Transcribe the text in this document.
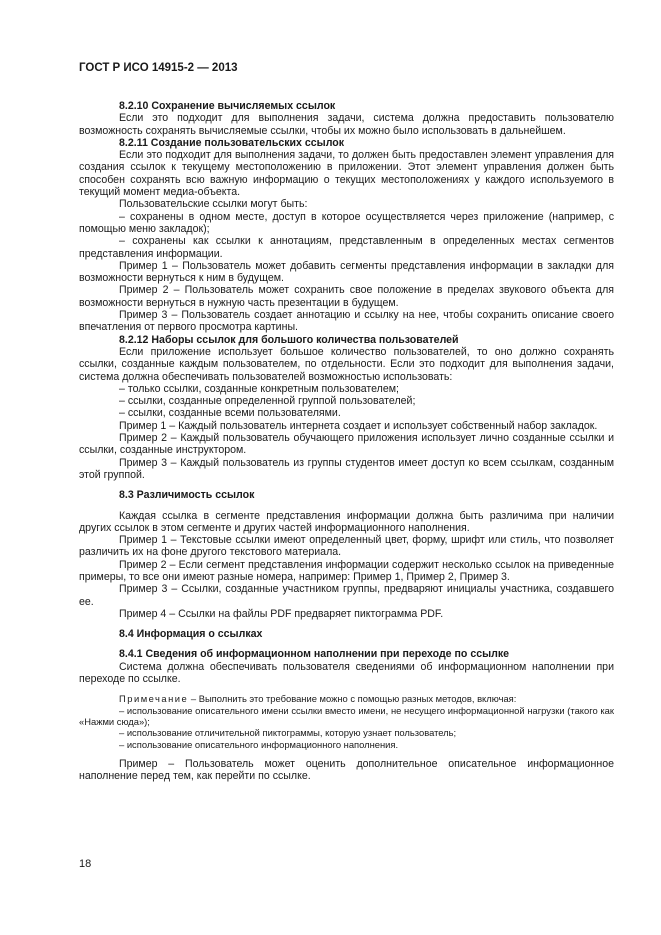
ГОСТ Р ИСО 14915-2 — 2013

8.2.10 Сохранение вычисляемых ссылок

Если это подходит для выполнения задачи, система должна предоставить пользователю возможность сохранять вычисляемые ссылки, чтобы их можно было использовать в дальнейшем.

8.2.11 Создание пользовательских ссылок

Если это подходит для выполнения задачи, то должен быть предоставлен элемент управления для создания ссылок к текущему местоположению в приложении. Этот элемент управления должен быть способен сохранять всю важную информацию о текущих местоположениях у каждого используемого в текущий момент медиа-объекта.

Пользовательские ссылки могут быть:

– сохранены в одном месте, доступ в которое осуществляется через приложение (например, с помощью меню закладок);

– сохранены как ссылки к аннотациям, представленным в определенных местах сегментов представления информации.

Пример 1 – Пользователь может добавить сегменты представления информации в закладки для возможности вернуться к ним в будущем.

Пример 2 – Пользователь может сохранить свое положение в пределах звукового объекта для возможности вернуться в нужную часть презентации в будущем.

Пример 3 – Пользователь создает аннотацию и ссылку на нее, чтобы сохранить описание своего впечатления от первого просмотра картины.

8.2.12 Наборы ссылок для большого количества пользователей

Если приложение использует большое количество пользователей, то оно должно сохранять ссылки, созданные каждым пользователем, по отдельности. Если это подходит для выполнения задачи, система должна обеспечивать пользователей возможностью использовать:

– только ссылки, созданные конкретным пользователем;

– ссылки, созданные определенной группой пользователей;

– ссылки, созданные всеми пользователями.

Пример 1 – Каждый пользователь интернета создает и использует собственный набор закладок.

Пример 2 – Каждый пользователь обучающего приложения использует лично созданные ссылки и ссылки, созданные инструктором.

Пример 3 – Каждый пользователь из группы студентов имеет доступ ко всем ссылкам, созданным этой группой.

8.3 Различимость ссылок

Каждая ссылка в сегменте представления информации должна быть различима при наличии других ссылок в этом сегменте и других частей информационного наполнения.

Пример 1 – Текстовые ссылки имеют определенный цвет, форму, шрифт или стиль, что позволяет различить их на фоне другого текстового материала.

Пример 2 – Если сегмент представления информации содержит несколько ссылок на приведенные примеры, то все они имеют разные номера, например: Пример 1, Пример 2, Пример 3.

Пример 3 – Ссылки, созданные участником группы, предваряют инициалы участника, создавшего ее.

Пример 4 – Ссылки на файлы PDF предваряет пиктограмма PDF.

8.4 Информация о ссылках

8.4.1 Сведения об информационном наполнении при переходе по ссылке

Система должна обеспечивать пользователя сведениями об информационном наполнении при переходе по ссылке.

Примечание – Выполнить это требование можно с помощью разных методов, включая:

– использование описательного имени ссылки вместо имени, не несущего информационной нагрузки (такого как «Нажми сюда»);

– использование отличительной пиктограммы, которую узнает пользователь;

– использование описательного информационного наполнения.

Пример – Пользователь может оценить дополнительное описательное информационное наполнение перед тем, как перейти по ссылке.

18
